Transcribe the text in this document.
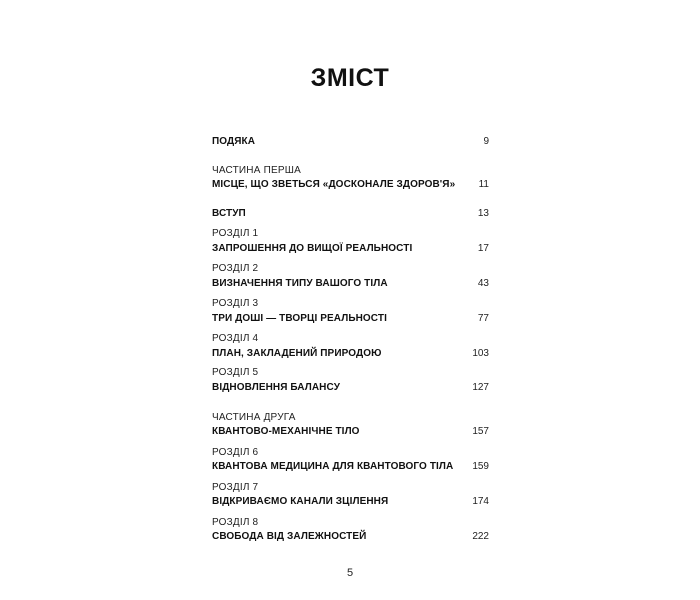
ЗМІСТ
ПОДЯКА	9
ЧАСТИНА ПЕРША
МІСЦЕ, ЩО ЗВЕТЬСЯ «ДОСКОНАЛЕ ЗДОРОВ'Я» 11
ВСТУП	13
РОЗДІЛ 1
ЗАПРОШЕННЯ ДО ВИЩОЇ РЕАЛЬНОСТІ	17
РОЗДІЛ 2
ВИЗНАЧЕННЯ ТИПУ ВАШОГО ТІЛА	43
РОЗДІЛ 3
ТРИ ДОШІ — ТВОРЦІ РЕАЛЬНОСТІ	77
РОЗДІЛ 4
ПЛАН, ЗАКЛАДЕНИЙ ПРИРОДОЮ	103
РОЗДІЛ 5
ВІДНОВЛЕННЯ БАЛАНСУ	127
ЧАСТИНА ДРУГА
КВАНТОВО-МЕХАНІЧНЕ ТІЛО	157
РОЗДІЛ 6
КВАНТОВА МЕДИЦИНА ДЛЯ КВАНТОВОГО ТІЛА 159
РОЗДІЛ 7
ВІДКРИВАЄМО КАНАЛИ ЗЦІЛЕННЯ	174
РОЗДІЛ 8
СВОБОДА ВІД ЗАЛЕЖНОСТЕЙ	222
5
